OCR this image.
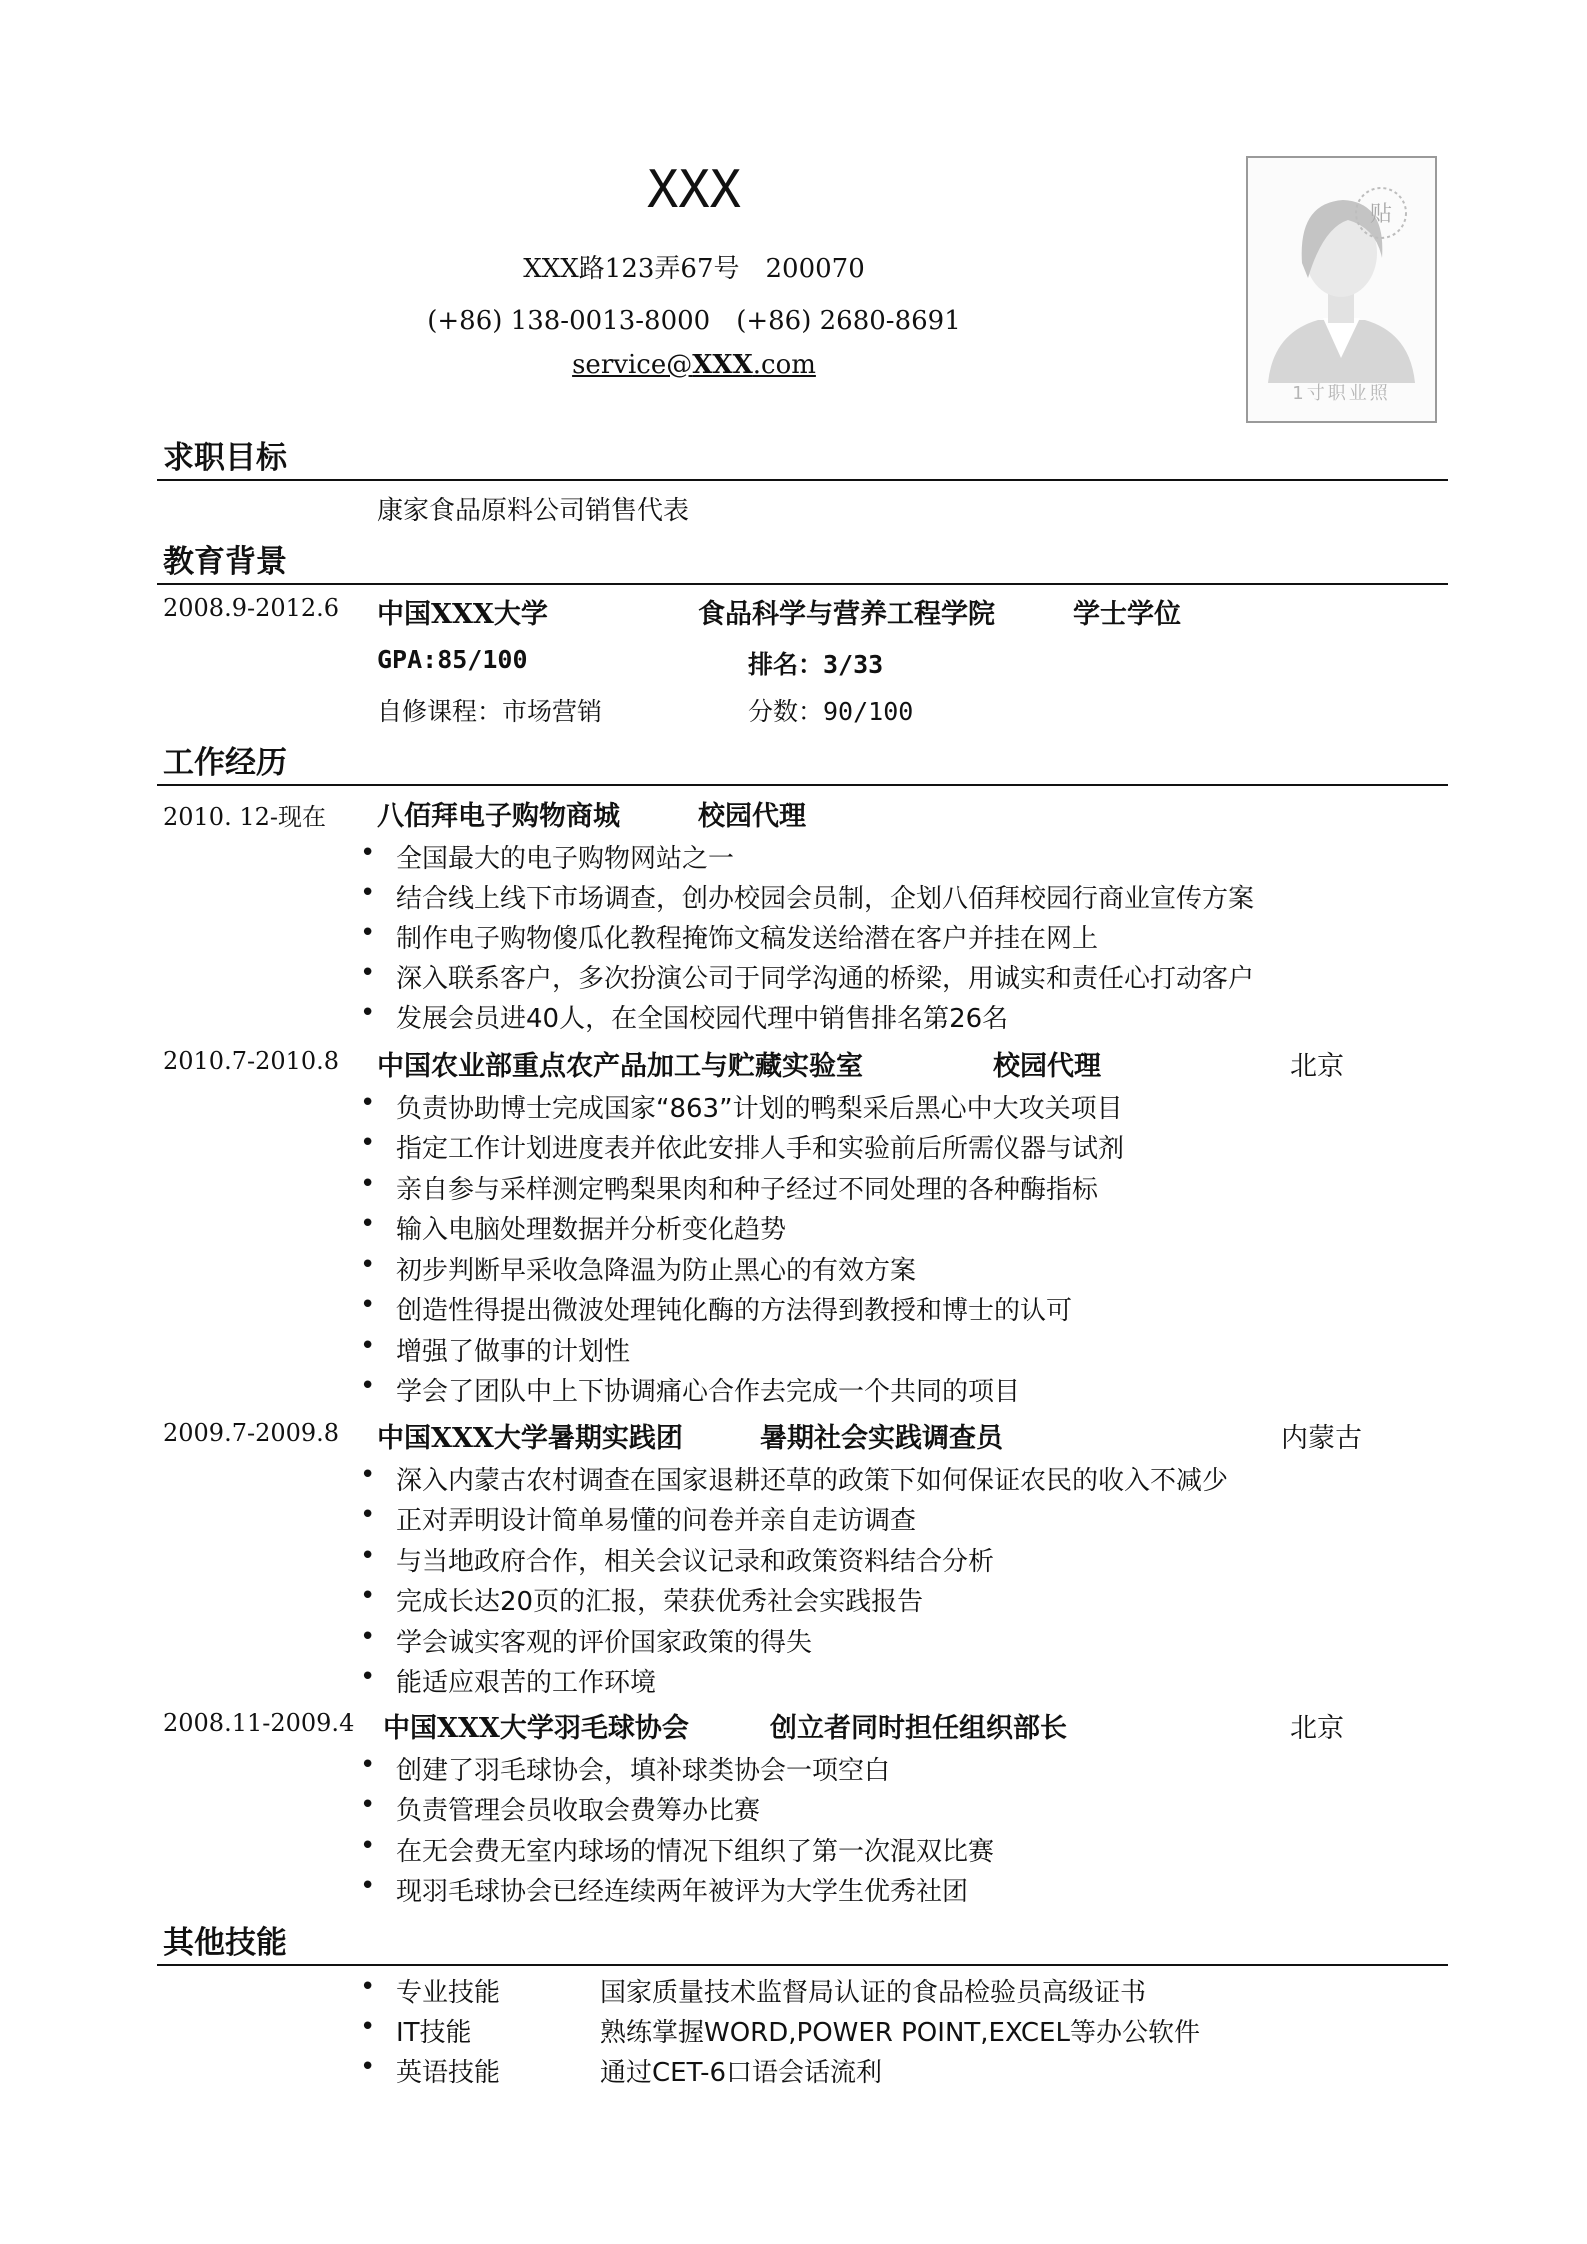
XXX
XXX路123弄67号　200070
(+86) 138-0013-8000　(+86) 2680-8691
service@XXX.com
贴
1寸职业照
求职目标
康家食品原料公司销售代表
教育背景
2008.9-2012.6 中国XXX大学	食品科学与营养工程学院	学士学位
GPA:85/100	排名：3/33
自修课程：市场营销	分数：90/100
工作经历
2010. 12-现在 八佰拜电子购物商城	校园代理
• 全国最大的电子购物网站之一
• 结合线上线下市场调查，创办校园会员制，企划八佰拜校园行商业宣传方案
• 制作电子购物傻瓜化教程掩饰文稿发送给潜在客户并挂在网上
• 深入联系客户，多次扮演公司于同学沟通的桥梁，用诚实和责任心打动客户
• 发展会员进40人，在全国校园代理中销售排名第26名
2010.7-2010.8 中国农业部重点农产品加工与贮藏实验室	校园代理	北京
• 负责协助博士完成国家“863”计划的鸭梨采后黑心中大攻关项目
• 指定工作计划进度表并依此安排人手和实验前后所需仪器与试剂
• 亲自参与采样测定鸭梨果肉和种子经过不同处理的各种酶指标
• 输入电脑处理数据并分析变化趋势
• 初步判断早采收急降温为防止黑心的有效方案
• 创造性得提出微波处理钝化酶的方法得到教授和博士的认可
• 增强了做事的计划性
• 学会了团队中上下协调痛心合作去完成一个共同的项目
2009.7-2009.8 中国XXX大学暑期实践团	暑期社会实践调查员	内蒙古
• 深入内蒙古农村调查在国家退耕还草的政策下如何保证农民的收入不减少
• 正对弄明设计简单易懂的问卷并亲自走访调查
• 与当地政府合作，相关会议记录和政策资料结合分析
• 完成长达20页的汇报，荣获优秀社会实践报告
• 学会诚实客观的评价国家政策的得失
• 能适应艰苦的工作环境
2008.11-2009.4 中国XXX大学羽毛球协会	创立者同时担任组织部长	北京
• 创建了羽毛球协会，填补球类协会一项空白
• 负责管理会员收取会费筹办比赛
• 在无会费无室内球场的情况下组织了第一次混双比赛
• 现羽毛球协会已经连续两年被评为大学生优秀社团
其他技能
• 专业技能	国家质量技术监督局认证的食品检验员高级证书
• IT技能	熟练掌握WORD,POWER POINT,EXCEL等办公软件
• 英语技能	通过CET-6口语会话流利
